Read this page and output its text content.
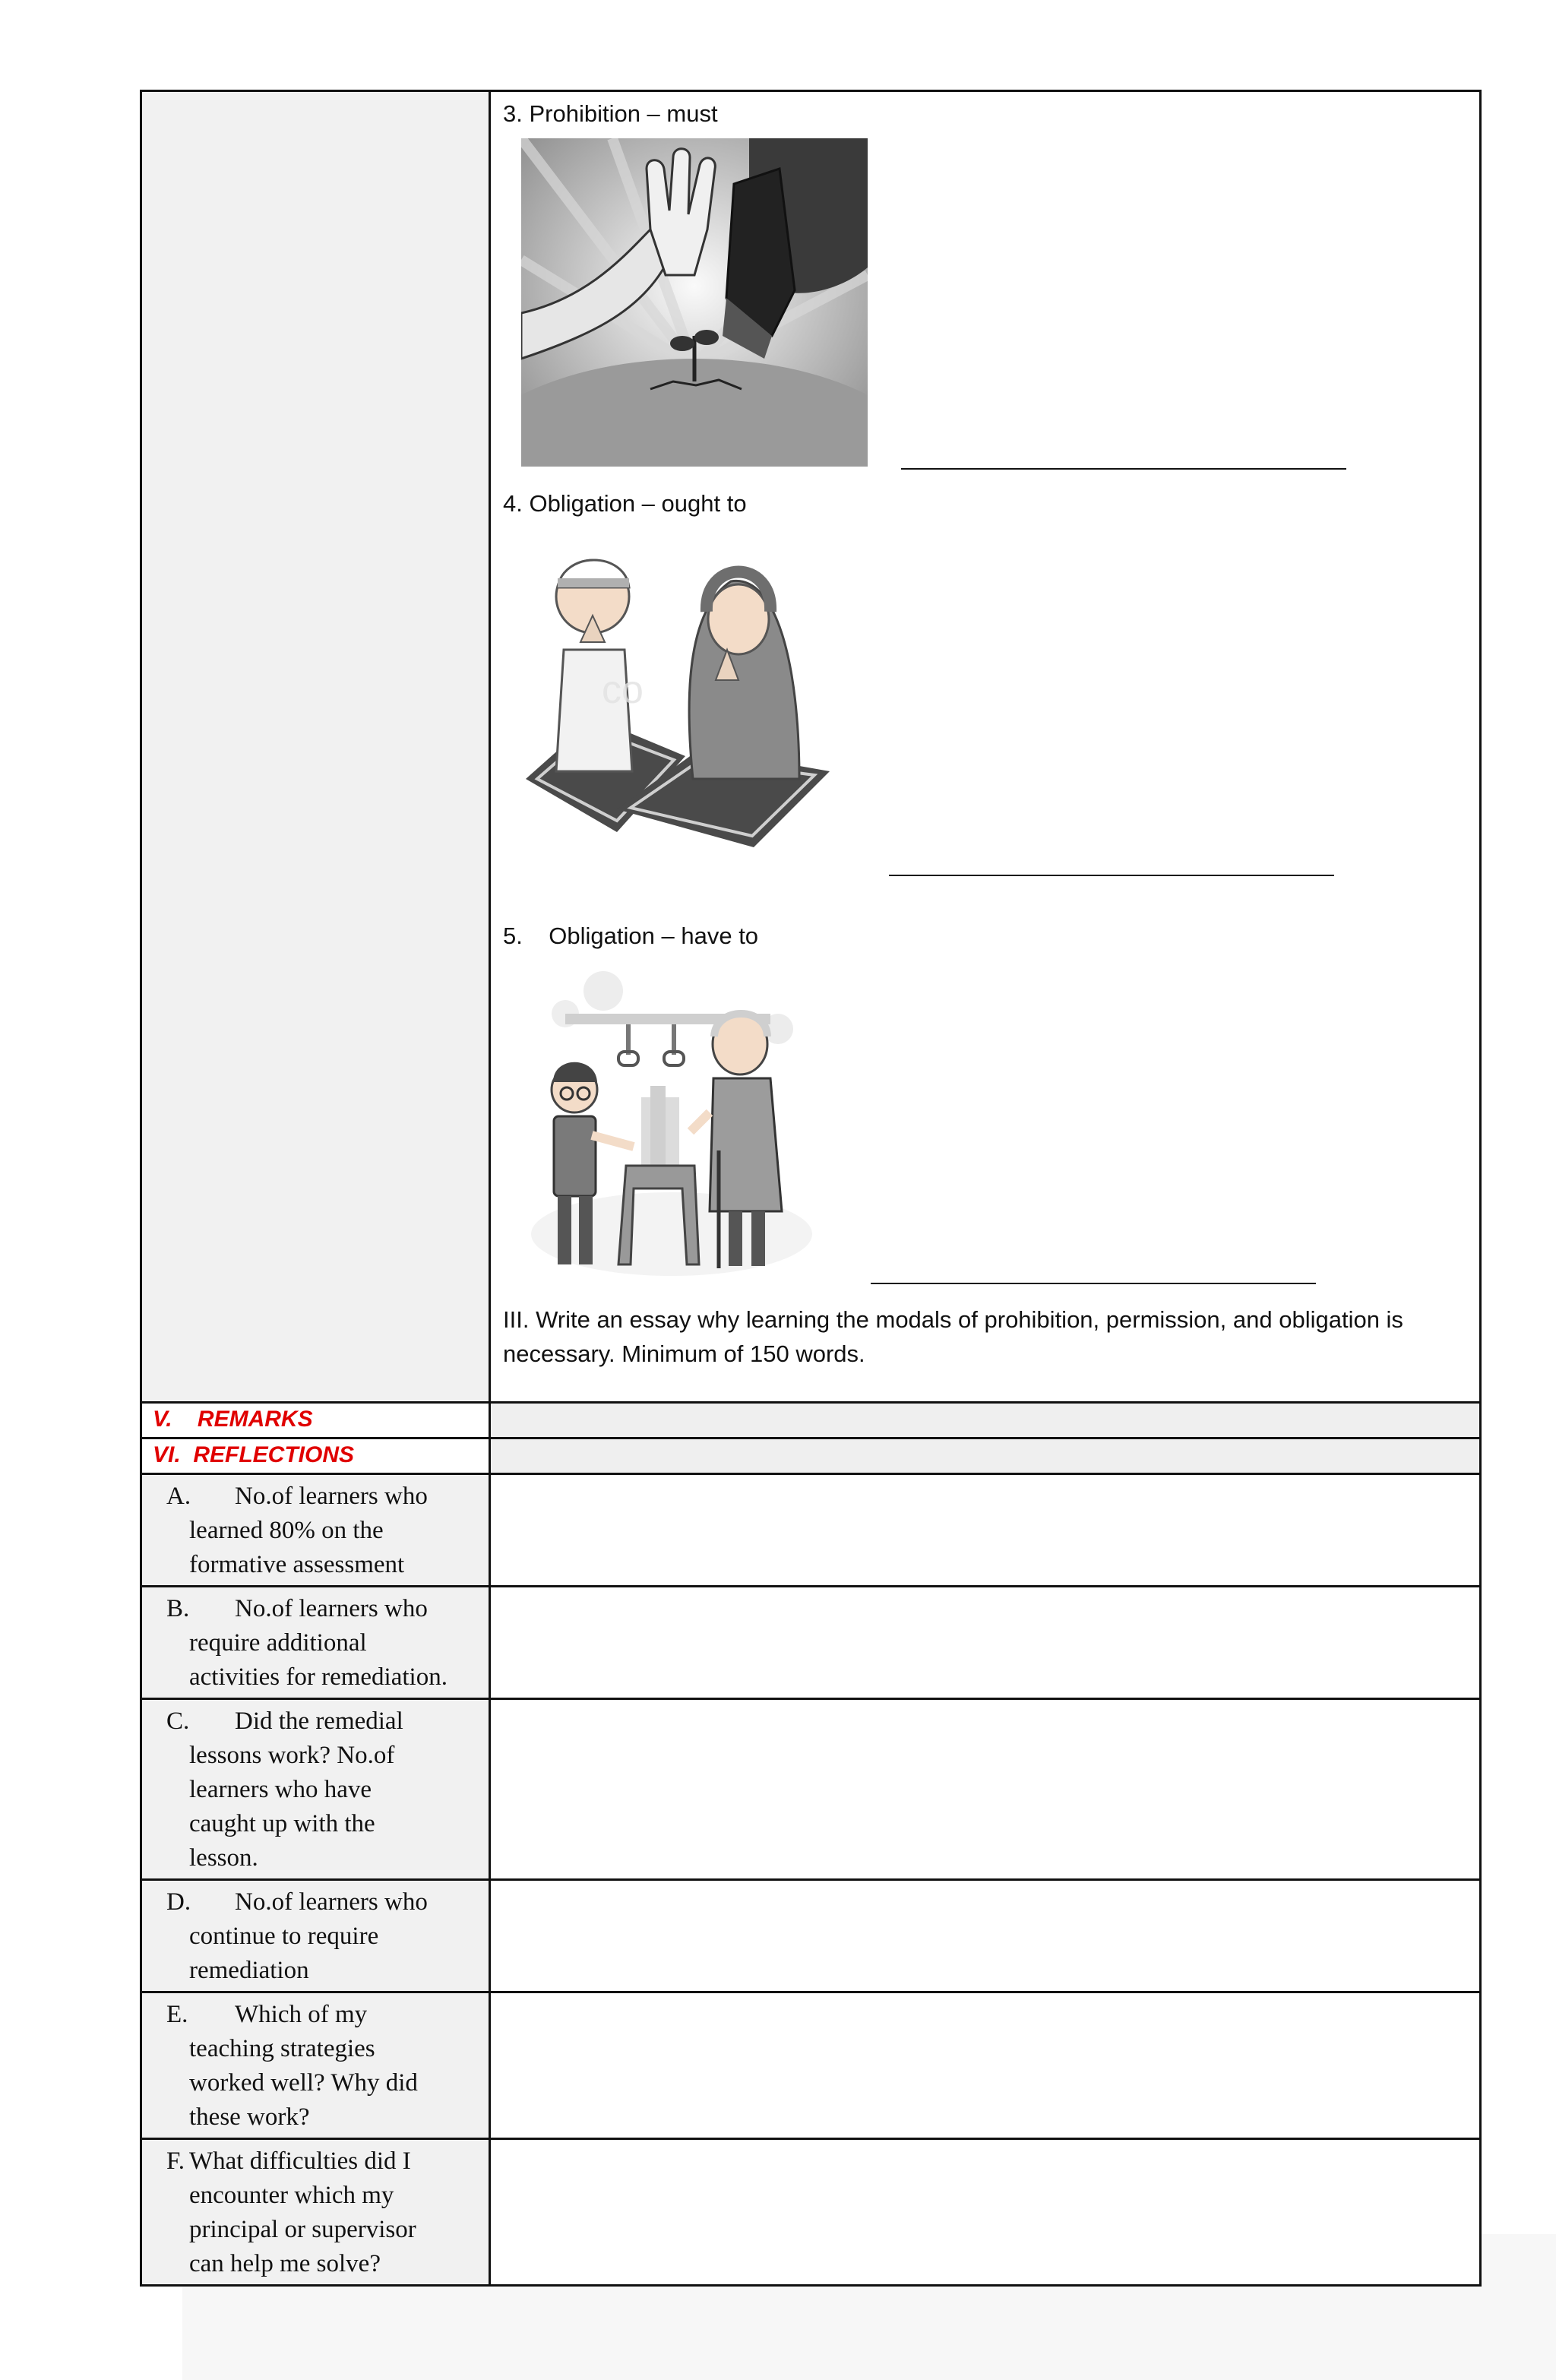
	3. Prohibition – must
4. Obligation – ought to
co
5.    Obligation – have to
III. Write an essay why learning the modals of prohibition, permission, and obligation is necessary. Minimum of 150 words.

V.    REMARKS	

VI.  REFLECTIONS	

A. No.of learners who
learned 80% on the
formative assessment	

B. No.of learners who
require additional
activities for remediation.	

C. Did the remedial
lessons work? No.of
learners who have
caught up with the
lesson.	

D. No.of learners who
continue to require
remediation	

E. Which of my
teaching strategies
worked well? Why did
these work?	

F. What difficulties did I
encounter which my
principal or supervisor
can help me solve?	
